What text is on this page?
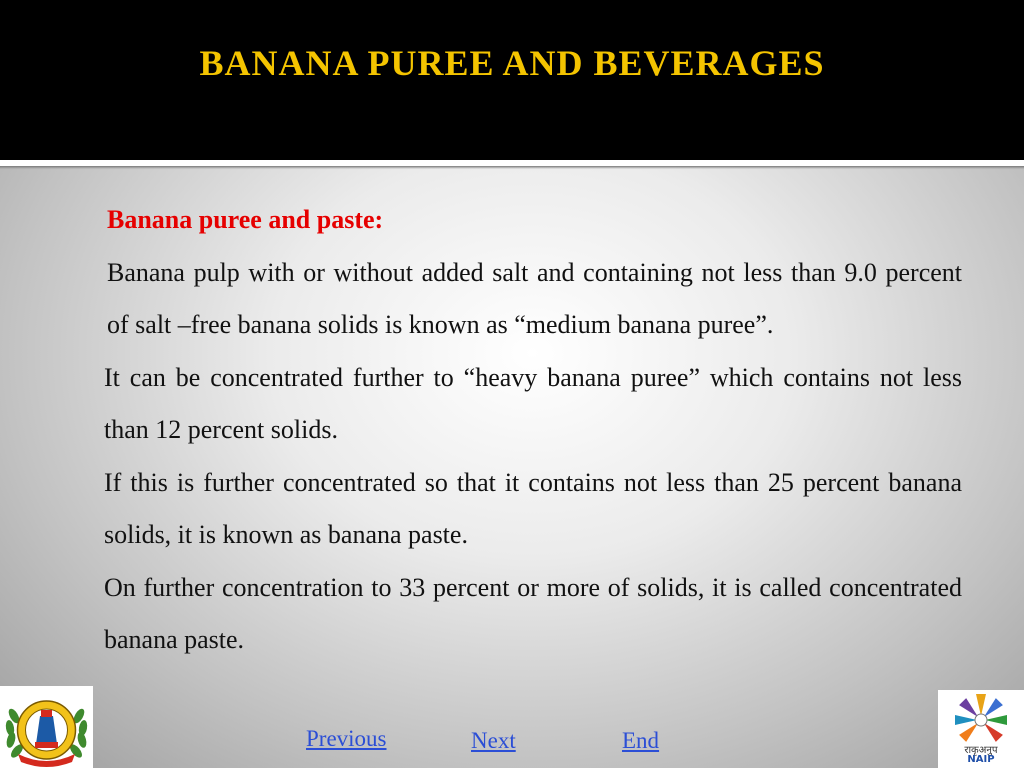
BANANA PUREE AND BEVERAGES

Banana puree and paste:

Banana pulp with or without added salt and containing not less than 9.0 percent of salt –free banana solids is known as “medium banana puree”.

It can be concentrated further to “heavy banana puree” which contains not less than 12 percent solids.

If this is further concentrated so that it contains not less than 25 percent banana solids, it is known as banana paste.

On further concentration to 33 percent or more of solids, it is called concentrated banana paste.

Previous	Next	End	राकृअनुप
NAIP
